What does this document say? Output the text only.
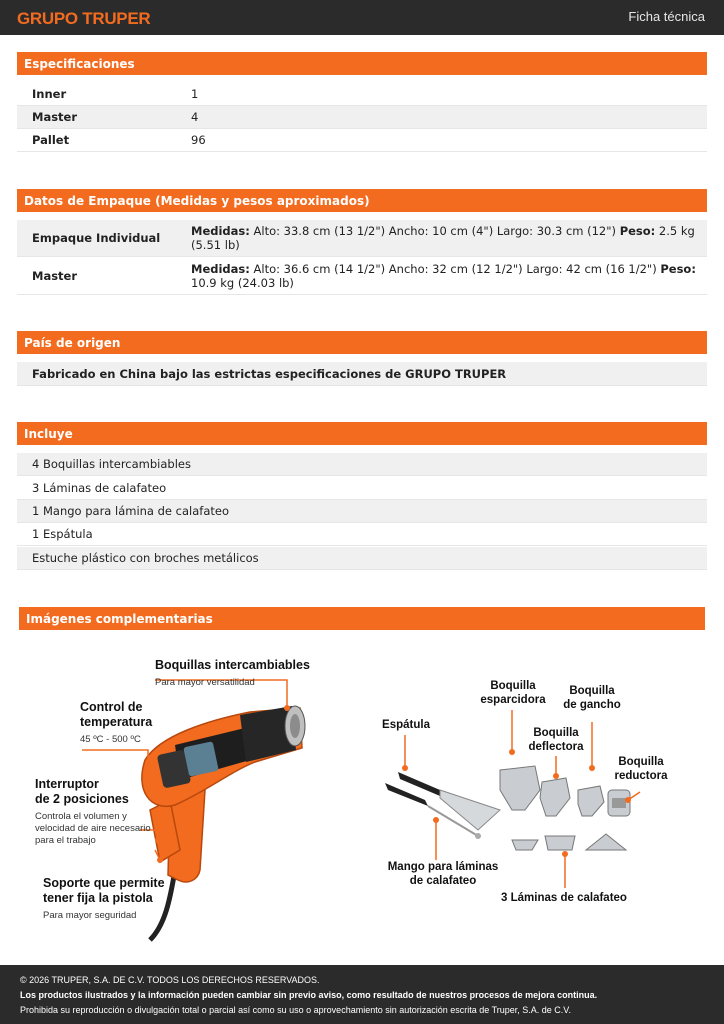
GRUPO TRUPER	Ficha técnica
Especificaciones
Inner	1
Master	4
Pallet	96
Datos de Empaque (Medidas y pesos aproximados)
Empaque Individual	Medidas: Alto: 33.8 cm (13 1/2") Ancho: 10 cm (4") Largo: 30.3 cm (12") Peso: 2.5 kg (5.51 lb)
Master	Medidas: Alto: 36.6 cm (14 1/2") Ancho: 32 cm (12 1/2") Largo: 42 cm (16 1/2") Peso: 10.9 kg (24.03 lb)
País de origen
Fabricado en China bajo las estrictas especificaciones de GRUPO TRUPER
Incluye
4 Boquillas intercambiables
3 Láminas de calafateo
1 Mango para lámina de calafateo
1 Espátula
Estuche plástico con broches metálicos
Imágenes complementarias
Boquillas intercambiables
Para mayor versatilidad
Control de
temperatura
45 ºC - 500 ºC
Interruptor
de 2 posiciones
Controla el volumen y
velocidad de aire necesario
para el trabajo
Soporte que permite
tener fija la pistola
Para mayor seguridad
Boquilla
esparcidora
Boquilla
de gancho
Espátula
Boquilla
deflectora
Boquilla
reductora
Mango para láminas
de calafateo
3 Láminas de calafateo
© 2026 TRUPER, S.A. DE C.V. TODOS LOS DERECHOS RESERVADOS.
Los productos ilustrados y la información pueden cambiar sin previo aviso, como resultado de nuestros procesos de mejora continua.
Prohibida su reproducción o divulgación total o parcial así como su uso o aprovechamiento sin autorización escrita de Truper, S.A. de C.V.
